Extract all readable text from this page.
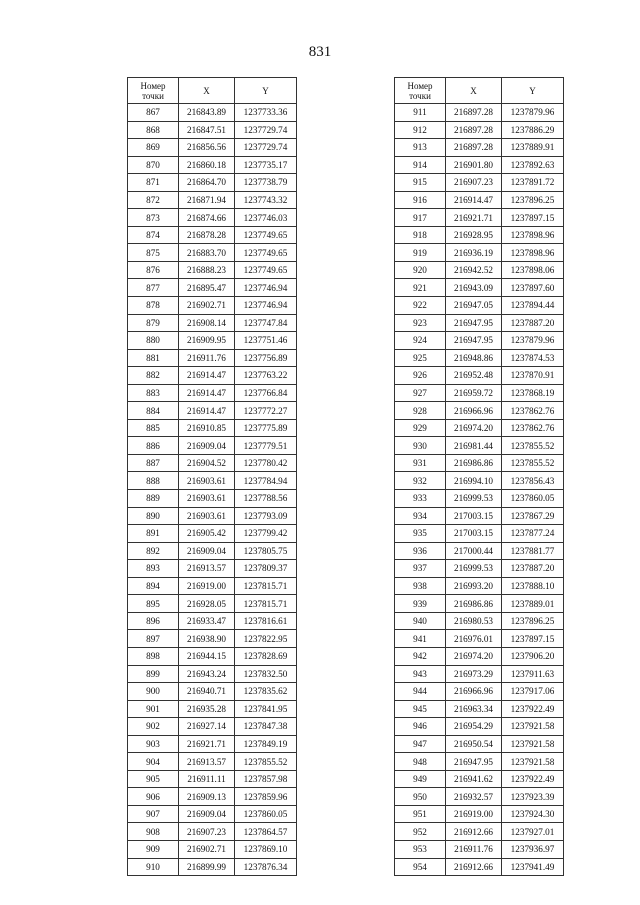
831
Номер
точки	X	Y
867	216843.89	1237733.36
868	216847.51	1237729.74
869	216856.56	1237729.74
870	216860.18	1237735.17
871	216864.70	1237738.79
872	216871.94	1237743.32
873	216874.66	1237746.03
874	216878.28	1237749.65
875	216883.70	1237749.65
876	216888.23	1237749.65
877	216895.47	1237746.94
878	216902.71	1237746.94
879	216908.14	1237747.84
880	216909.95	1237751.46
881	216911.76	1237756.89
882	216914.47	1237763.22
883	216914.47	1237766.84
884	216914.47	1237772.27
885	216910.85	1237775.89
886	216909.04	1237779.51
887	216904.52	1237780.42
888	216903.61	1237784.94
889	216903.61	1237788.56
890	216903.61	1237793.09
891	216905.42	1237799.42
892	216909.04	1237805.75
893	216913.57	1237809.37
894	216919.00	1237815.71
895	216928.05	1237815.71
896	216933.47	1237816.61
897	216938.90	1237822.95
898	216944.15	1237828.69
899	216943.24	1237832.50
900	216940.71	1237835.62
901	216935.28	1237841.95
902	216927.14	1237847.38
903	216921.71	1237849.19
904	216913.57	1237855.52
905	216911.11	1237857.98
906	216909.13	1237859.96
907	216909.04	1237860.05
908	216907.23	1237864.57
909	216902.71	1237869.10
910	216899.99	1237876.34
Номер
точки	X	Y
911	216897.28	1237879.96
912	216897.28	1237886.29
913	216897.28	1237889.91
914	216901.80	1237892.63
915	216907.23	1237891.72
916	216914.47	1237896.25
917	216921.71	1237897.15
918	216928.95	1237898.96
919	216936.19	1237898.96
920	216942.52	1237898.06
921	216943.09	1237897.60
922	216947.05	1237894.44
923	216947.95	1237887.20
924	216947.95	1237879.96
925	216948.86	1237874.53
926	216952.48	1237870.91
927	216959.72	1237868.19
928	216966.96	1237862.76
929	216974.20	1237862.76
930	216981.44	1237855.52
931	216986.86	1237855.52
932	216994.10	1237856.43
933	216999.53	1237860.05
934	217003.15	1237867.29
935	217003.15	1237877.24
936	217000.44	1237881.77
937	216999.53	1237887.20
938	216993.20	1237888.10
939	216986.86	1237889.01
940	216980.53	1237896.25
941	216976.01	1237897.15
942	216974.20	1237906.20
943	216973.29	1237911.63
944	216966.96	1237917.06
945	216963.34	1237922.49
946	216954.29	1237921.58
947	216950.54	1237921.58
948	216947.95	1237921.58
949	216941.62	1237922.49
950	216932.57	1237923.39
951	216919.00	1237924.30
952	216912.66	1237927.01
953	216911.76	1237936.97
954	216912.66	1237941.49
